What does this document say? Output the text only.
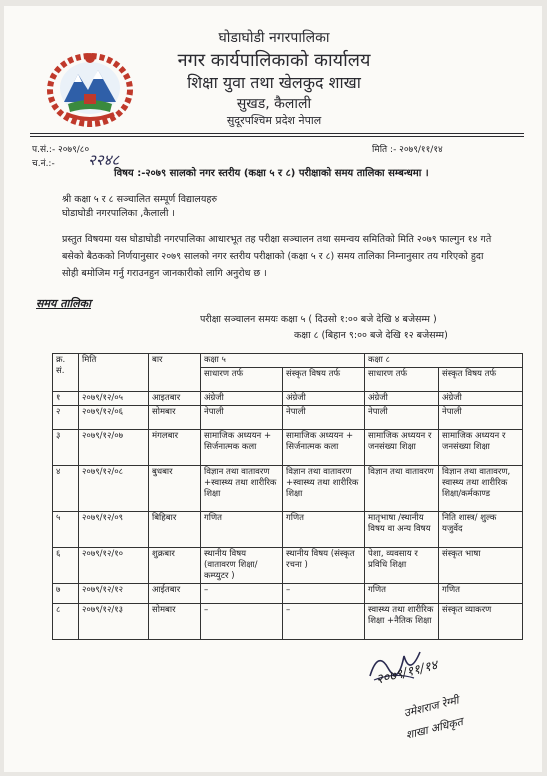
घोडाघोडी नगरपालिका
नगर कार्यपालिकाको कार्यालय
शिक्षा युवा तथा खेलकुद शाखा
सुखड, कैलाली
सुदूरपश्चिम प्रदेश नेपाल
प.सं.:- २०७९/८०
च.नं.:- २२४८
मिति :- २०७९/११/१४
विषय :-२०७९ सालको नगर स्तरीय (कक्षा ५ र ८) परीक्षाको समय तालिका सम्बन्धमा ।
श्री कक्षा ५ र ८ सञ्चालित सम्पूर्ण विद्यालयहरु
घोडाघोडी नगरपालिका ,कैलाली ।
प्रस्तुत विषयमा यस घोडाघोडी नगरपालिका आधारभूत तह परीक्षा सञ्चालन तथा समन्वय समितिको मिति २०७९ फाल्गुन १४ गते बसेको बैठकको निर्णयानुसार २०७९ सालको नगर स्तरीय परीक्षाको (कक्षा ५ र ८) समय तालिका निम्नानुसार तय गरिएको हुदा सोही बमोजिम गर्नु गराउनहुन जानकारीको लागि अनुरोध छ ।
समय तालिका
परीक्षा सञ्चालन समयः कक्षा ५ ( दिउसो १:०० बजे देखि ४ बजेसम्म )
कक्षा ८ (बिहान ९:०० बजे देखि १२ बजेसम्म)
क्र. सं.	मिति	बार	कक्षा ५		कक्षा ८	
			साधारण तर्फ	संस्कृत विषय तर्फ	साधारण तर्फ	संस्कृत विषय तर्फ
१	२०७९/१२/०५	आइतबार	अंग्रेजी	अंग्रेजी	अंग्रेजी	अंग्रेजी
२	२०७९/१२/०६	सोमबार	नेपाली	नेपाली	नेपाली	नेपाली
३	२०७९/१२/०७	मंगलबार	सामाजिक अध्ययन + सिर्जनात्मक कला	सामाजिक अध्ययन + सिर्जनात्मक कला	सामाजिक अध्ययन र जनसंख्या शिक्षा	सामाजिक अध्ययन र जनसंख्या शिक्षा
४	२०७९/१२/०८	बुधबार	विज्ञान तथा वातावरण +स्वास्थ्य तथा शारीरिक शिक्षा	विज्ञान तथा वातावरण +स्वास्थ्य तथा शारीरिक शिक्षा	विज्ञान तथा वातावरण	विज्ञान तथा वातावरण, स्वास्थ्य तथा शारीरिक शिक्षा/कर्मकाण्ड
५	२०७९/१२/०९	बिहिबार	गणित	गणित	मातृभाषा /स्थानीय विषय वा अन्य विषय	निति शास्त्र/ शुल्क यजुर्वेद
६	२०७९/१२/१०	शुक्रबार	स्थानीय विषय (वातावरण शिक्षा/कम्प्युटर )	स्थानीय विषय (संस्कृत रचना )	पेशा, व्यवसाय र प्रविधि शिक्षा	संस्कृत भाषा
७	२०७९/१२/१२	आईतबार	–	–	गणित	गणित
८	२०७९/१२/१३	सोमबार	–	–	स्वास्थ्य तथा शारीरिक शिक्षा +नैतिक शिक्षा	संस्कृत व्याकरण
२०७९/११/१४
उमेशराज रेग्मी
शाखा अधिकृत
